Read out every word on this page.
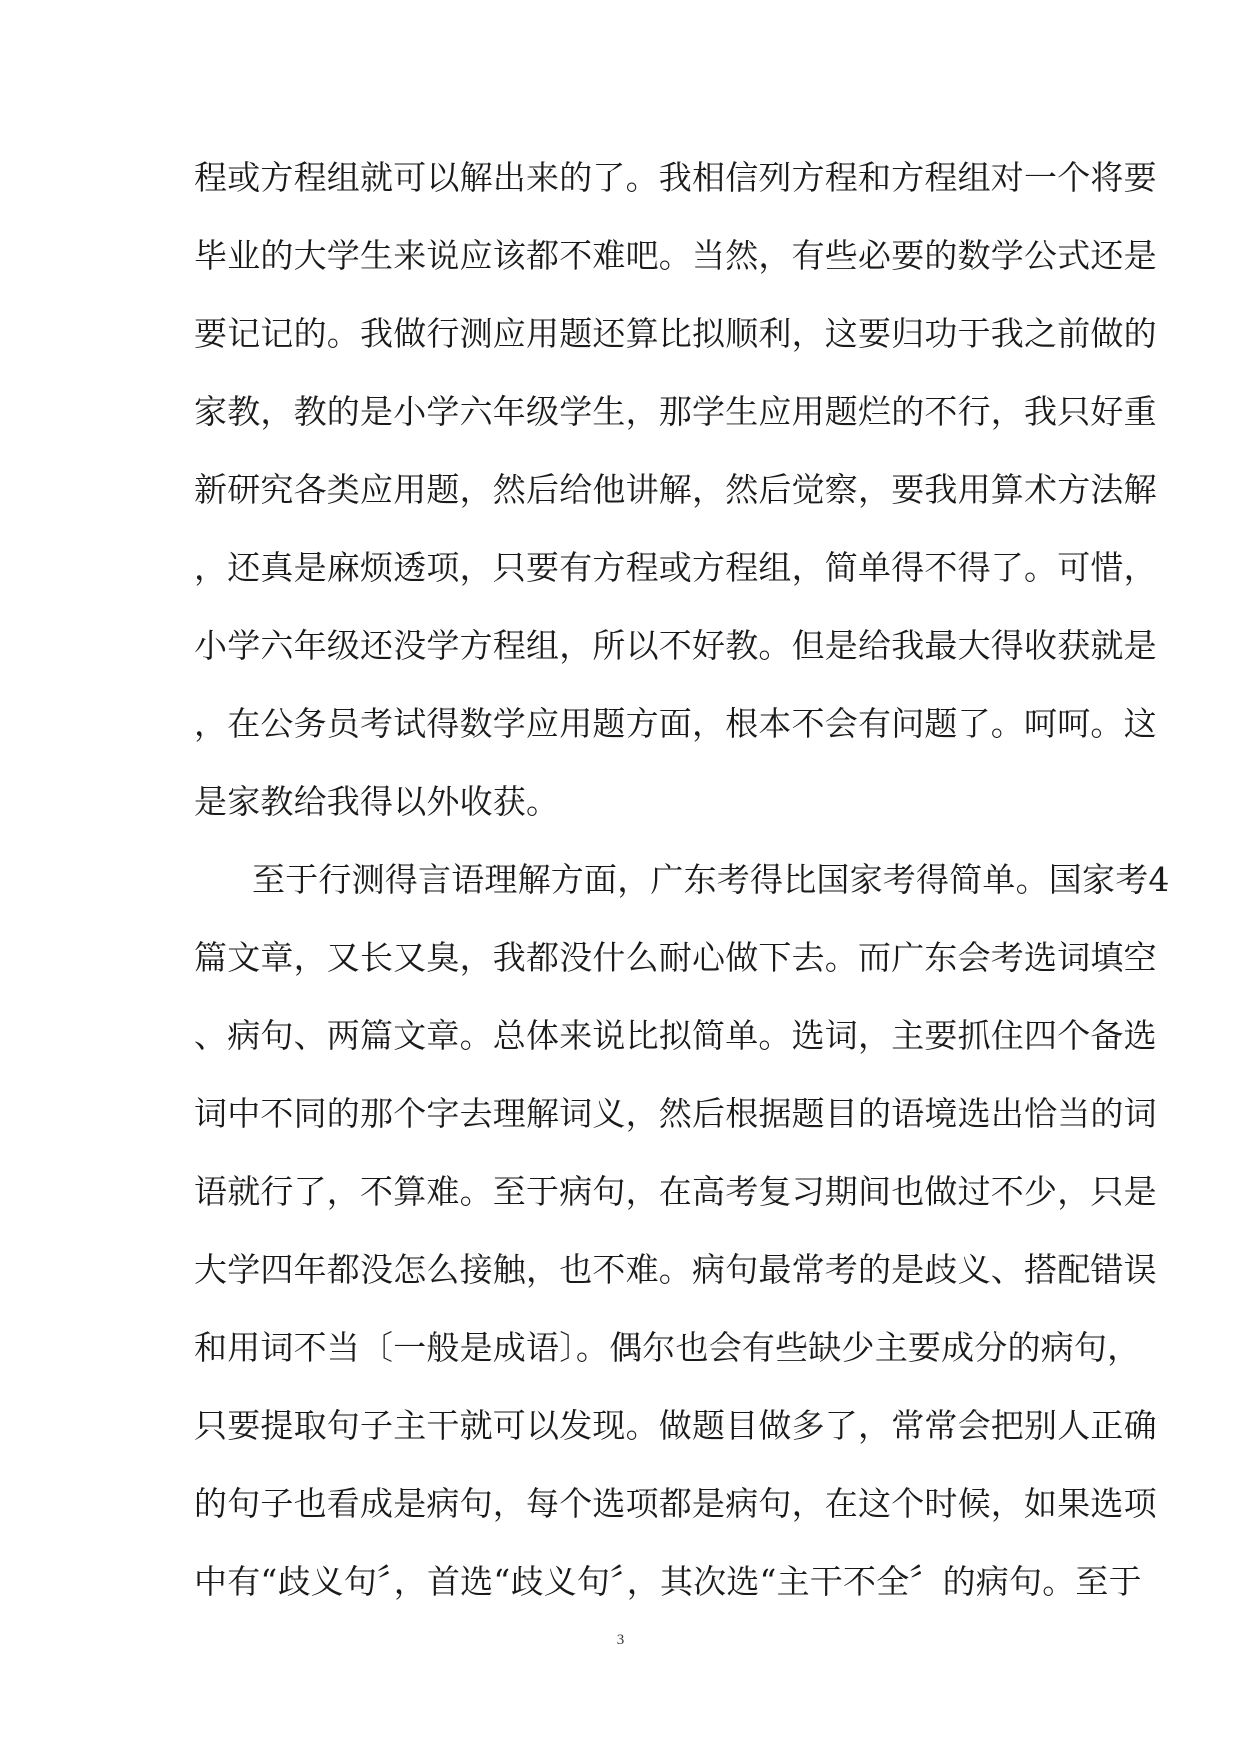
程或方程组就可以解出来的了。我相信列方程和方程组对一个将要
毕业的大学生来说应该都不难吧。当然，有些必要的数学公式还是
要记记的。我做行测应用题还算比拟顺利，这要归功于我之前做的
家教，教的是小学六年级学生，那学生应用题烂的不行，我只好重
新研究各类应用题，然后给他讲解，然后觉察，要我用算术方法解
，还真是麻烦透项，只要有方程或方程组，简单得不得了。可惜，
小学六年级还没学方程组，所以不好教。但是给我最大得收获就是
，在公务员考试得数学应用题方面，根本不会有问题了。呵呵。这
是家教给我得以外收获。
至于行测得言语理解方面，广东考得比国家考得简单。国家考4
篇文章，又长又臭，我都没什么耐心做下去。而广东会考选词填空
、病句、两篇文章。总体来说比拟简单。选词，主要抓住四个备选
词中不同的那个字去理解词义，然后根据题目的语境选出恰当的词
语就行了，不算难。至于病句，在高考复习期间也做过不少，只是
大学四年都没怎么接触，也不难。病句最常考的是歧义、搭配错误
和用词不当〔一般是成语〕。偶尔也会有些缺少主要成分的病句，
只要提取句子主干就可以发现。做题目做多了，常常会把别人正确
的句子也看成是病句，每个选项都是病句，在这个时候，如果选项
中有“歧义句〞，首选“歧义句〞，其次选“主干不全〞的病句。至于
3
